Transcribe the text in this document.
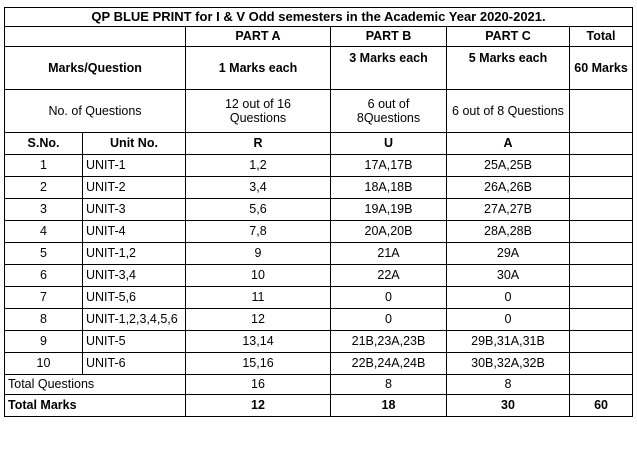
QP BLUE PRINT for I & V Odd semesters in the Academic Year 2020-2021.					
		PART A	PART B	PART C	Total
Marks/Question		1 Marks each	3 Marks each	5 Marks each	60 Marks
No. of Questions		12 out of 16 Questions	6 out of 8Questions	6 out of 8 Questions	
S.No.	Unit No.	R	U	A	
1	UNIT-1	1,2	17A,17B	25A,25B	
2	UNIT-2	3,4	18A,18B	26A,26B	
3	UNIT-3	5,6	19A,19B	27A,27B	
4	UNIT-4	7,8	20A,20B	28A,28B	
5	UNIT-1,2	9	21A	29A	
6	UNIT-3,4	10	22A	30A	
7	UNIT-5,6	11	0	0	
8	UNIT-1,2,3,4,5,6	12	0	0	
9	UNIT-5	13,14	21B,23A,23B	29B,31A,31B	
10	UNIT-6	15,16	22B,24A,24B	30B,32A,32B	
Total Questions		16	8	8	
Total Marks		12	18	30	60
